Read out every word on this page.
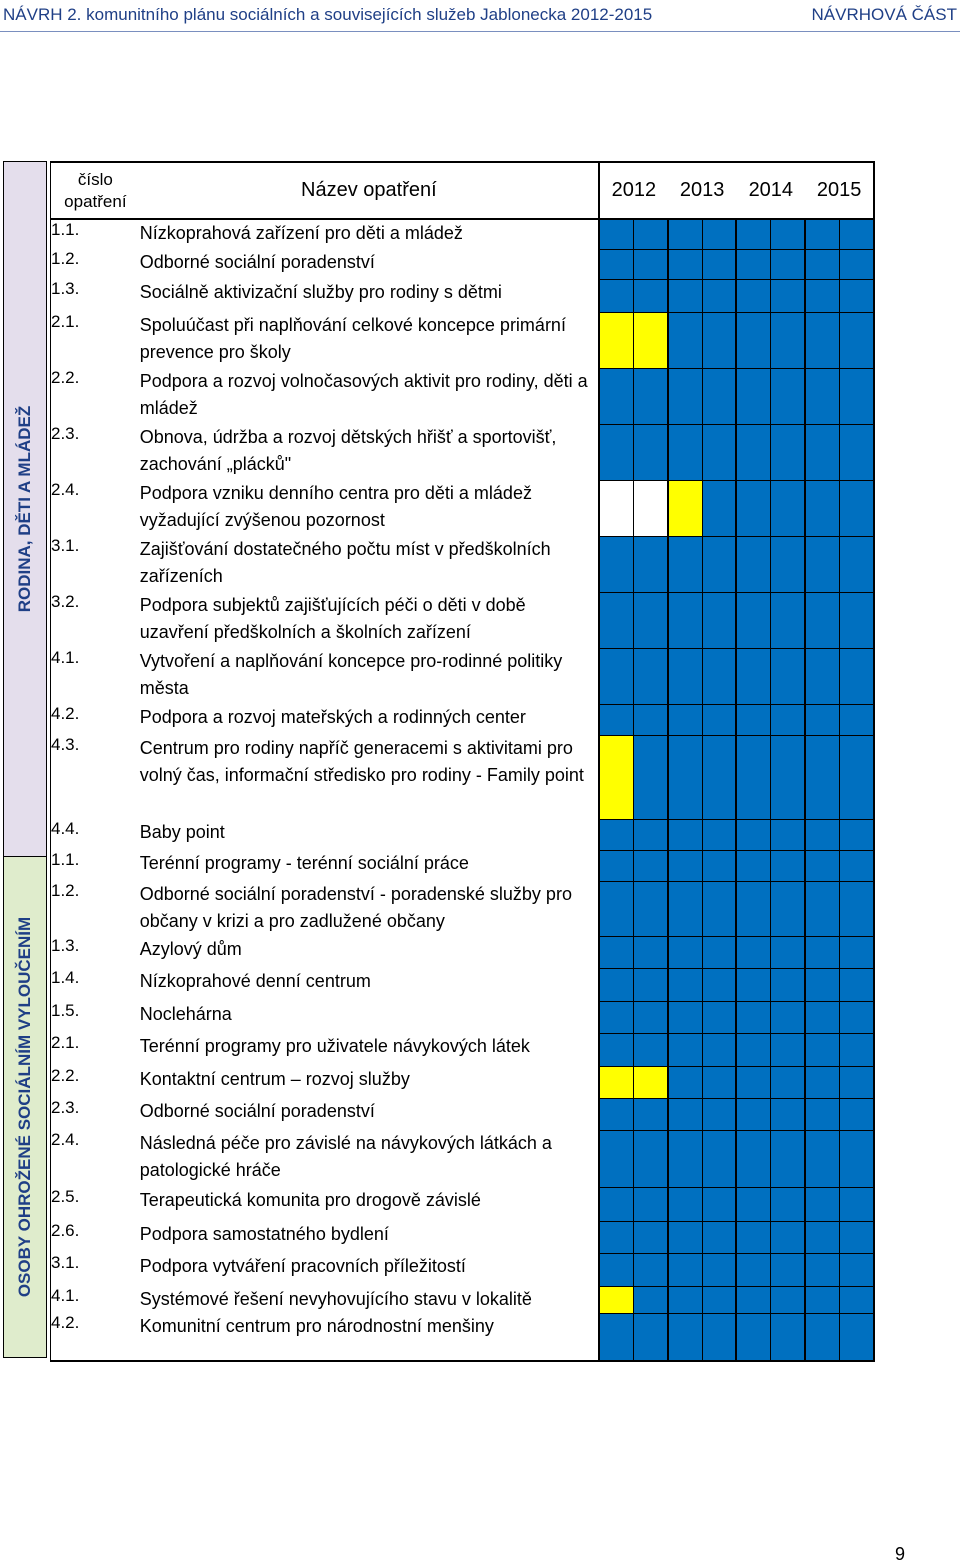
NÁVRH 2. komunitního plánu sociálních a souvisejících služeb Jablonecka 2012-2015	NÁVRHOVÁ ČÁST
RODINA, DĚTI A MLÁDEŽ
OSOBY OHROŽENÉ SOCIÁLNÍM VYLOUČENÍM
číslo opatření	Název opatření	2012		2013		2014		2015	
1.1.	Nízkoprahová zařízení pro děti a mládež								
1.2.	Odborné sociální poradenství								
1.3.	Sociálně aktivizační služby pro rodiny s dětmi								
2.1.	Spoluúčast při naplňování celkové koncepce primární prevence pro školy								
2.2.	Podpora a rozvoj volnočasových aktivit pro rodiny, děti a mládež								
2.3.	Obnova, údržba a rozvoj dětských hřišť a sportovišť, zachování „pláckůʺ								
2.4.	Podpora vzniku denního centra pro děti a mládež vyžadující zvýšenou pozornost								
3.1.	Zajišťování dostatečného počtu míst v předškolních zařízeních								
3.2.	Podpora subjektů zajišťujících péči o děti v době uzavření předškolních a školních zařízení								
4.1.	Vytvoření a naplňování koncepce pro-rodinné politiky města								
4.2.	Podpora a rozvoj mateřských a rodinných center								
4.3.	Centrum pro rodiny napříč generacemi s aktivitami pro volný čas, informační středisko pro rodiny - Family point								
4.4.	Baby point								
1.1.	Terénní programy - terénní sociální práce								
1.2.	Odborné sociální poradenství - poradenské služby pro občany v krizi a pro zadlužené občany								
1.3.	Azylový dům								
1.4.	Nízkoprahové denní centrum								
1.5.	Noclehárna								
2.1.	Terénní programy pro uživatele návykových látek								
2.2.	Kontaktní centrum – rozvoj služby								
2.3.	Odborné sociální poradenství								
2.4.	Následná péče pro závislé na návykových látkách a patologické hráče								
2.5.	Terapeutická komunita pro drogově závislé								
2.6.	Podpora samostatného bydlení								
3.1.	Podpora vytváření pracovních příležitostí								
4.1.	Systémové řešení nevyhovujícího stavu v lokalitě								
4.2.	Komunitní centrum pro národnostní menšiny								
9
